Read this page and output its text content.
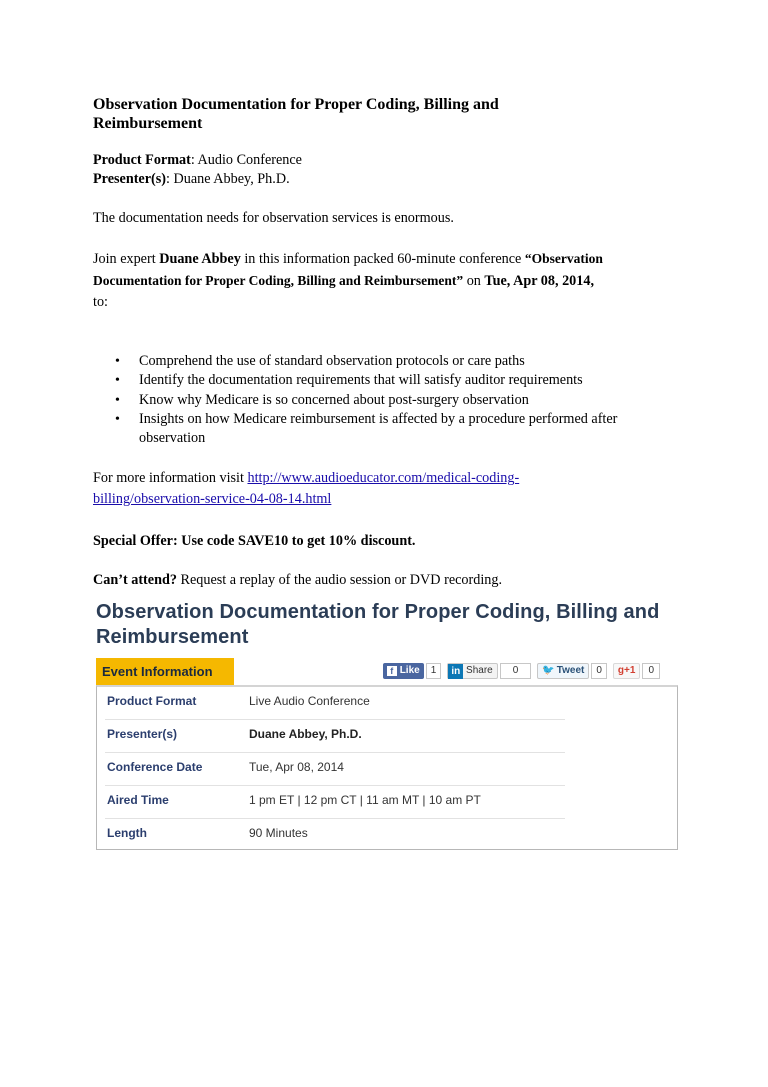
Observation Documentation for Proper Coding, Billing and Reimbursement

Product Format: Audio Conference

Presenter(s): Duane Abbey, Ph.D.

The documentation needs for observation services is enormous.

Join expert Duane Abbey in this information packed 60-minute conference “Observation Documentation for Proper Coding, Billing and Reimbursement” on Tue, Apr 08, 2014,
to:

• Comprehend the use of standard observation protocols or care paths
• Identify the documentation requirements that will satisfy auditor requirements
• Know why Medicare is so concerned about post-surgery observation
• Insights on how Medicare reimbursement is affected by a procedure performed after observation

For more information visit http://www.audioeducator.com/medical-coding-billing/observation-service-04-08-14.html

Special Offer: Use code SAVE10 to get 10% discount.

Can’t attend? Request a replay of the audio session or DVD recording.

Observation Documentation for Proper Coding, Billing and Reimbursement
Event Information	f Like 1 in Share 0 🐦 Tweet 0 g+1 0
Product Format	Live Audio Conference
Presenter(s)	Duane Abbey, Ph.D.
Conference Date	Tue, Apr 08, 2014
Aired Time	1 pm ET | 12 pm CT | 11 am MT | 10 am PT
Length	90 Minutes
